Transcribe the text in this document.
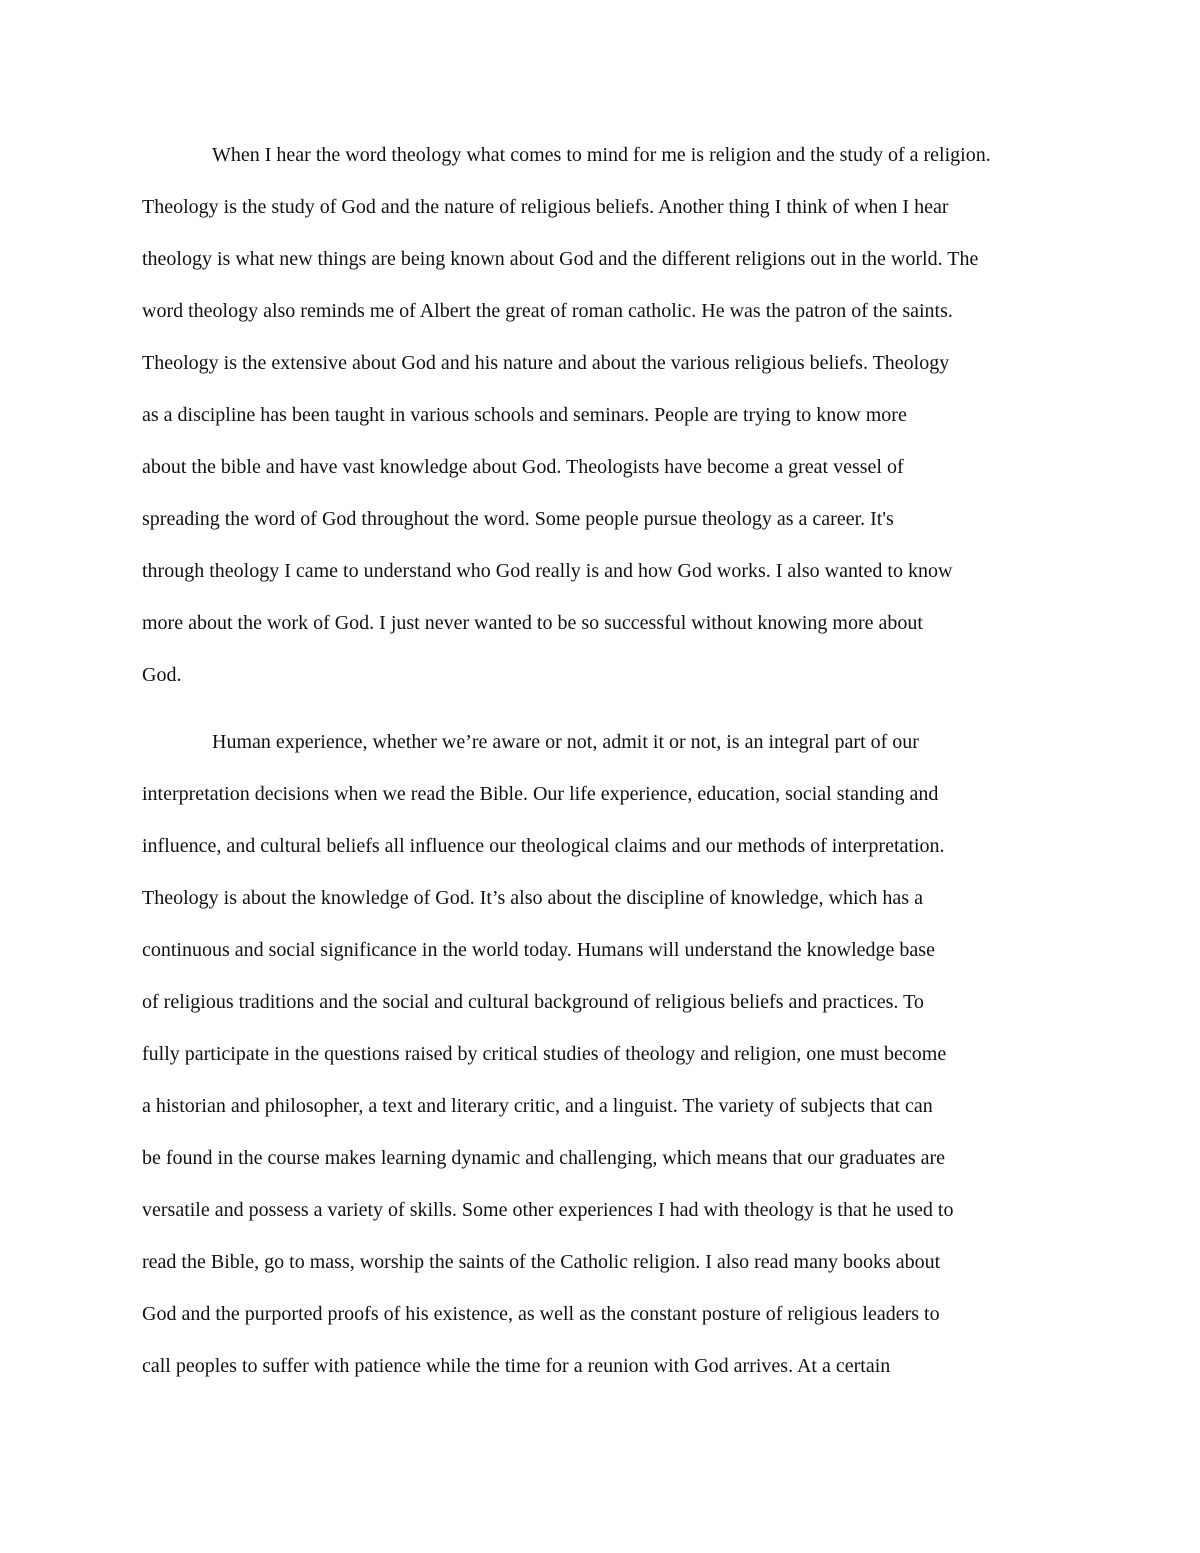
When I hear the word theology what comes to mind for me is religion and the study of a religion.
Theology is the study of God and the nature of religious beliefs. Another thing I think of when I hear
theology is what new things are being known about God and the different religions out in the world. The
word theology also reminds me of Albert the great of roman catholic. He was the patron of the saints.
Theology is the extensive about God and his nature and about the various religious beliefs. Theology
as a discipline has been taught in various schools and seminars. People are trying to know more
about the bible and have vast knowledge about God. Theologists have become a great vessel of
spreading the word of God throughout the word. Some people pursue theology as a career. It's
through theology I came to understand who God really is and how God works. I also wanted to know
more about the work of God. I just never wanted to be so successful without knowing more about
God.
Human experience, whether we’re aware or not, admit it or not, is an integral part of our
interpretation decisions when we read the Bible. Our life experience, education, social standing and
influence, and cultural beliefs all influence our theological claims and our methods of interpretation.
Theology is about the knowledge of God. It’s also about the discipline of knowledge, which has a
continuous and social significance in the world today. Humans will understand the knowledge base
of religious traditions and the social and cultural background of religious beliefs and practices. To
fully participate in the questions raised by critical studies of theology and religion, one must become
a historian and philosopher, a text and literary critic, and a linguist. The variety of subjects that can
be found in the course makes learning dynamic and challenging, which means that our graduates are
versatile and possess a variety of skills. Some other experiences I had with theology is that he used to
read the Bible, go to mass, worship the saints of the Catholic religion. I also read many books about
God and the purported proofs of his existence, as well as the constant posture of religious leaders to
call peoples to suffer with patience while the time for a reunion with God arrives. At a certain
